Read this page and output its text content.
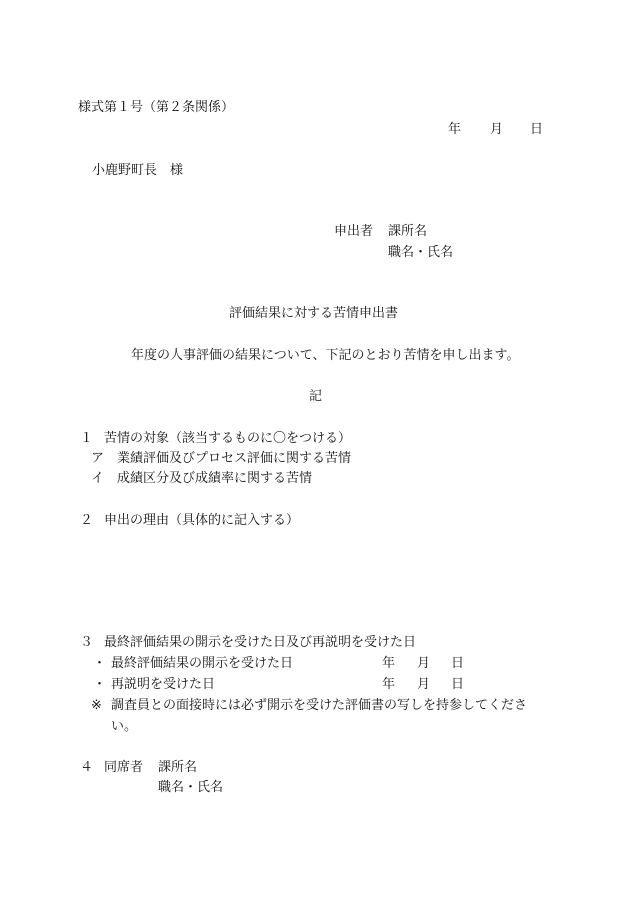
様式第１号（第２条関係）
年 月 日
小鹿野町長　様
申出者 課所名
職名・氏名
評価結果に対する苦情申出書
年度の人事評価の結果について、下記のとおり苦情を申し出ます。
記
１ 苦情の対象（該当するものに〇をつける）
ア 業績評価及びプロセス評価に関する苦情
イ 成績区分及び成績率に関する苦情
２ 申出の理由（具体的に記入する）
３ 最終評価結果の開示を受けた日及び再説明を受けた日
・ 最終評価結果の開示を受けた日	年 月 日
・ 再説明を受けた日	年 月 日
※ 調査員との面接時には必ず開示を受けた評価書の写しを持参してくださ
い。
４ 同席者 課所名
職名・氏名
